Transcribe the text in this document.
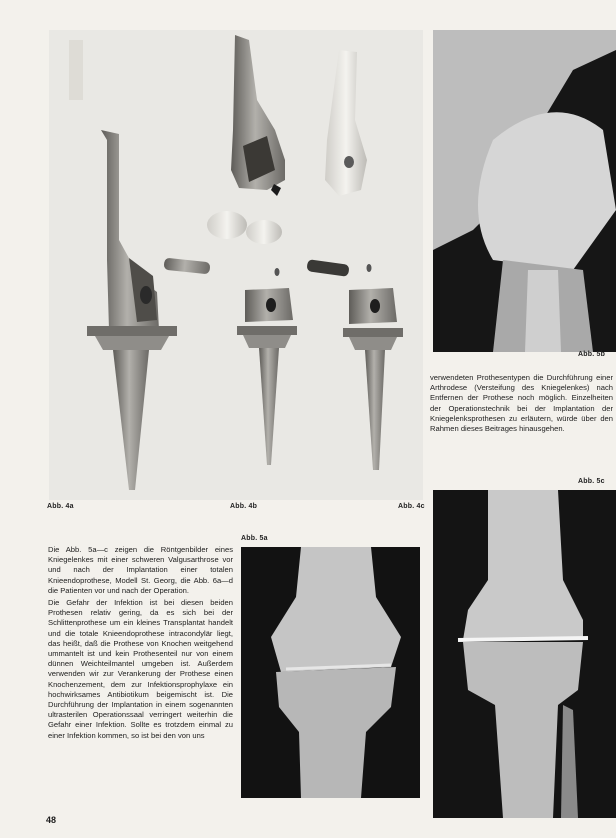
Abb. 4a	Abb. 4b	Abb. 4c
Abb. 5b

verwendeten Prothesentypen die Durchführung einer Arthrodese (Versteifung des Kniegelenkes) nach Entfernen der Prothese noch möglich. Einzelheiten der Operationstechnik bei der Implantation der Kniegelenksprothesen zu erläutern, würde über den Rahmen dieses Beitrages hinausgehen.

Abb. 5c
Abb. 5a

Die Abb. 5a—c zeigen die Röntgenbilder eines Kniegelenkes mit einer schweren Valgusarthrose vor und nach der Implantation einer totalen Knieendoprothese, Modell St. Georg, die Abb. 6a—d die Patienten vor und nach der Operation.

Die Gefahr der Infektion ist bei diesen beiden Prothesen relativ gering, da es sich bei der Schlittenprothese um ein kleines Transplantat handelt und die totale Knieendoprothese intracondylär liegt, das heißt, daß die Prothese von Knochen weitgehend ummantelt ist und kein Prothesenteil nur von einem dünnen Weichteilmantel umgeben ist. Außerdem verwenden wir zur Verankerung der Prothese einen Knochenzement, dem zur Infektionsprophylaxe ein hochwirksames Antibiotikum beigemischt ist. Die Durchführung der Implantation in einem sogenannten ultrasterilen Operationssaal verringert weiterhin die Gefahr einer Infektion. Sollte es trotzdem einmal zu einer Infektion kommen, so ist bei den von uns

48
